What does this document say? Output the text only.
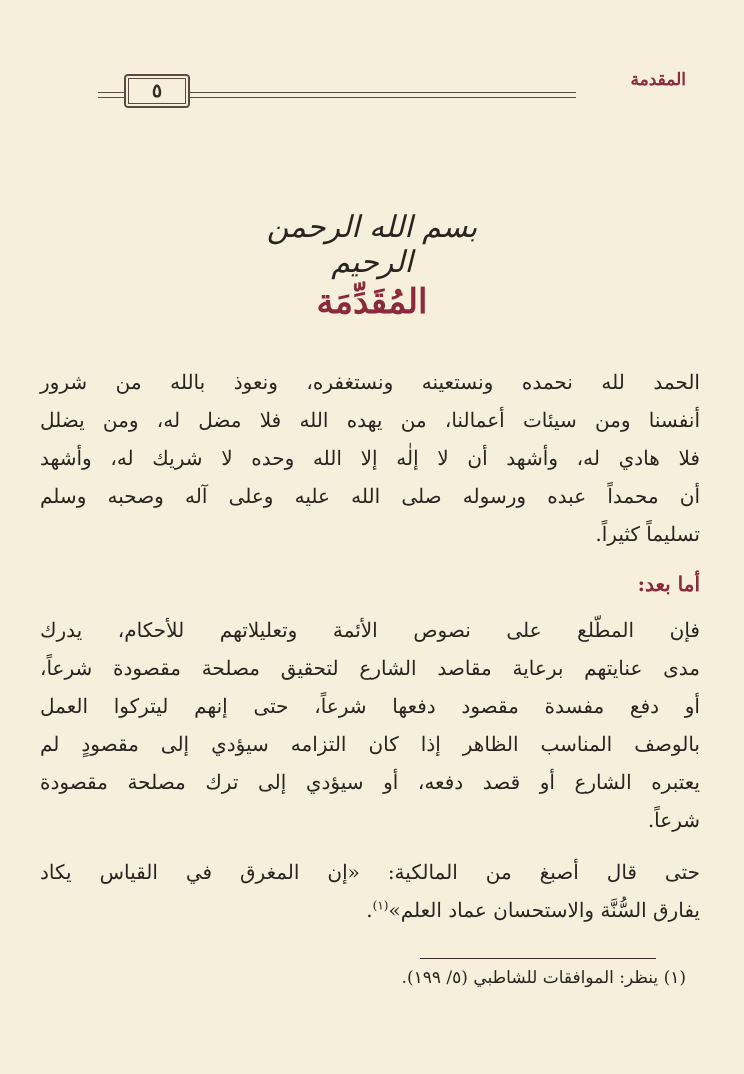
المقدمة
٥
بسم الله الرحمن الرحيم
المُقَدِّمَة
الحمد لله نحمده ونستعينه ونستغفره، ونعوذ بالله من شرور
أنفسنا ومن سيئات أعمالنا، من يهده الله فلا مضل له، ومن يضلل
فلا هادي له، وأشهد أن لا إلٰه إلا الله وحده لا شريك له، وأشهد
أن محمداً عبده ورسوله صلى الله عليه وعلى آله وصحبه وسلم
تسليماً كثيراً.
أما بعد:
فإن المطّلع على نصوص الأئمة وتعليلاتهم للأحكام، يدرك
مدى عنايتهم برعاية مقاصد الشارع لتحقيق مصلحة مقصودة شرعاً،
أو دفع مفسدة مقصود دفعها شرعاً، حتى إنهم ليتركوا العمل
بالوصف المناسب الظاهر إذا كان التزامه سيؤدي إلى مقصودٍ لم
يعتبره الشارع أو قصد دفعه، أو سيؤدي إلى ترك مصلحة مقصودة
شرعاً.
حتى قال أصبغ من المالكية: «إن المغرق في القياس يكاد
يفارق السُّنَّة والاستحسان عماد العلم»$^{(١)}$.
(١) ينظر: الموافقات للشاطبي (٥/ ١٩٩).
